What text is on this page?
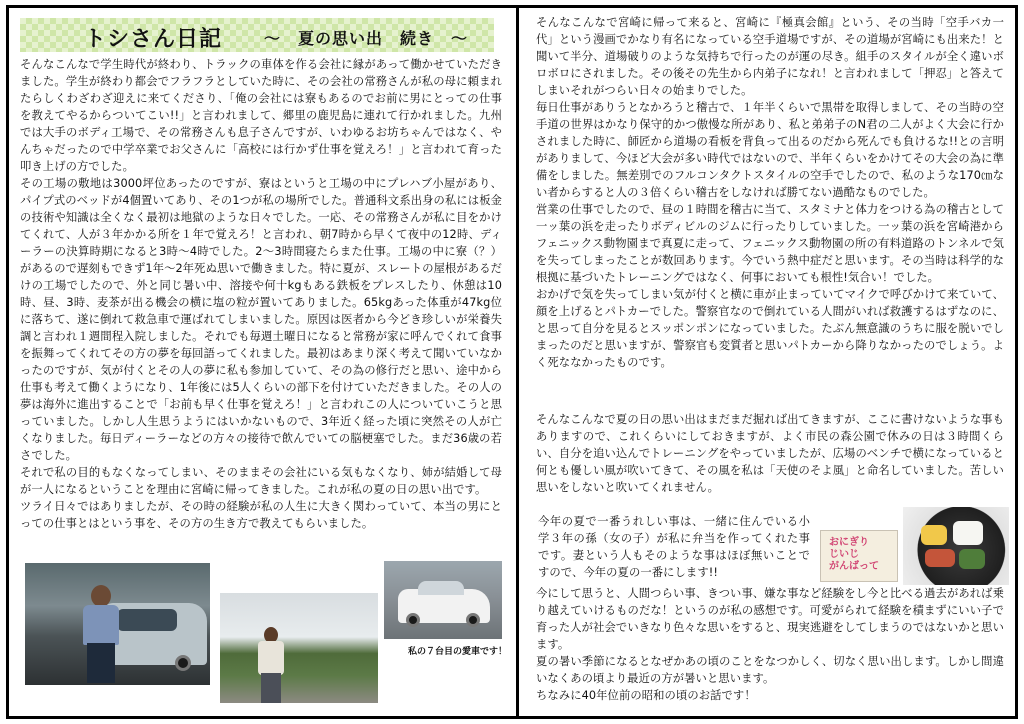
トシさん日記	〜　夏の思い出　続き　〜

そんなこんなで学生時代が終わり、トラックの車体を作る会社に縁があって働かせていただきました。学生が終わり都会でフラフラとしていた時に、その会社の常務さんが私の母に頼まれたらしくわざわざ迎えに来てくださり、「俺の会社には寮もあるのでお前に男にとっての仕事を教えてやるからついてこい!!」と言われまして、郷里の鹿児島に連れて行かれました。九州では大手のボディ工場で、その常務さんも息子さんですが、いわゆるお坊ちゃんではなく、やんちゃだったので中学卒業でお父さんに「高校には行かず仕事を覚えろ！」と言われて育った叩き上げの方でした。

その工場の敷地は3000坪位あったのですが、寮はというと工場の中にプレハブ小屋があり、パイプ式のベッドが4個置いてあり、その1つが私の場所でした。普通科文系出身の私には板金の技術や知識は全くなく最初は地獄のような日々でした。一応、その常務さんが私に目をかけてくれて、人が３年かかる所を１年で覚えろ！と言われ、朝7時から早くて夜中の12時、ディーラーの決算時期になると3時〜4時でした。2〜3時間寝たらまた仕事。工場の中に寮（？）があるので遅刻もできず1年〜2年死ぬ思いで働きました。特に夏が、スレートの屋根があるだけの工場でしたので、外と同じ暑い中、溶接や何十kgもある鉄板をプレスしたり、休憩は10時、昼、3時、麦茶が出る機会の横に塩の粒が置いてありました。65kgあった体重が47kg位に落ちて、遂に倒れて救急車で運ばれてしまいました。原因は医者から今どき珍しいが栄養失調と言われ１週間程入院しました。それでも毎週土曜日になると常務が家に呼んでくれて食事を振舞ってくれてその方の夢を毎回語ってくれました。最初はあまり深く考えて聞いていなかったのですが、気が付くとその人の夢に私も参加していて、その為の修行だと思い、途中から仕事も考えて働くようになり、1年後には5人くらいの部下を付けていただきました。その人の夢は海外に進出することで「お前も早く仕事を覚えろ！」と言われこの人についていこうと思っていました。しかし人生思うようにはいかないもので、3年近く経った頃に突然その人が亡くなりました。毎日ディーラーなどの方々の接待で飲んでいての脳梗塞でした。まだ36歳の若さでした。

それで私の目的もなくなってしまい、そのままその会社にいる気もなくなり、姉が結婚して母が一人になるということを理由に宮崎に帰ってきました。これが私の夏の日の思い出です。

ツライ日々ではありましたが、その時の経験が私の人生に大きく関わっていて、本当の男にとっての仕事とはという事を、その方の生き方で教えてもらいました。

私の７台目の愛車です！

そんなこんなで宮崎に帰って来ると、宮崎に『極真会館』という、その当時「空手バカ一代」という漫画でかなり有名になっている空手道場ですが、その道場が宮崎にも出来た！と聞いて半分、道場破りのような気持ちで行ったのが運の尽き。組手のスタイルが全く違いボロボロにされました。その後その先生から内弟子になれ！と言われまして「押忍」と答えてしまいそれがつらい日々の始まりでした。

毎日仕事がありうとなかろうと稽古で、１年半くらいで黒帯を取得しまして、その当時の空手道の世界はかなり保守的かつ傲慢な所があり、私と弟弟子のN君の二人がよく大会に行かされました時に、師匠から道場の看板を背負って出るのだから死んでも負けるな!!との言明がありまして、今ほど大会が多い時代ではないので、半年くらいをかけてその大会の為に準備をしました。無差別でのフルコンタクトスタイルの空手でしたので、私のような170㎝ない者からすると人の３倍くらい稽古をしなければ勝てない過酷なものでした。

営業の仕事でしたので、昼の１時間を稽古に当て、スタミナと体力をつける為の稽古として一ッ葉の浜を走ったりボディビルのジムに行ったりしていました。一ッ葉の浜を宮崎港からフェニックス動物園まで真夏に走って、フェニックス動物園の所の有料道路のトンネルで気を失ってしまったことが数回あります。今でいう熱中症だと思います。その当時は科学的な根拠に基づいたトレーニングではなく、何事においても根性!気合い！でした。

おかげで気を失ってしまい気が付くと横に車が止まっていてマイクで呼びかけて来ていて、顔を上げるとパトカーでした。警察官なので倒れている人間がいれば救護するはずなのに、と思って自分を見るとスッポンポンになっていました。たぶん無意識のうちに服を脱いでしまったのだと思いますが、警察官も変質者と思いパトカーから降りなかったのでしょう。よく死ななかったものです。

そんなこんなで夏の日の思い出はまだまだ掘れば出てきますが、ここに書けないような事もありますので、これくらいにしておきますが、よく市民の森公園で休みの日は３時間くらい、自分を追い込んでトレーニングをやっていましたが、広場のベンチで横になっていると何とも優しい風が吹いてきて、その風を私は「天使のそよ風」と命名していました。苦しい思いをしないと吹いてくれません。

今年の夏で一番うれしい事は、一緒に住んでいる小学３年の孫（女の子）が私に弁当を作ってくれた事です。妻という人もそのような事はほぼ無いことですので、今年の夏の一番にします!!

おにぎり
じいじ
がんばって

今にして思うと、人間つらい事、きつい事、嫌な事など経験をし今と比べる過去があれば乗り越えていけるものだな！というのが私の感想です。可愛がられて経験を積まずにいい子で育った人が社会でいきなり色々な思いをすると、現実逃避をしてしまうのではないかと思います。

夏の暑い季節になるとなぜかあの頃のことをなつかしく、切なく思い出します。しかし間違いなくあの頃より最近の方が暑いと思います。

ちなみに40年位前の昭和の頃のお話です！
